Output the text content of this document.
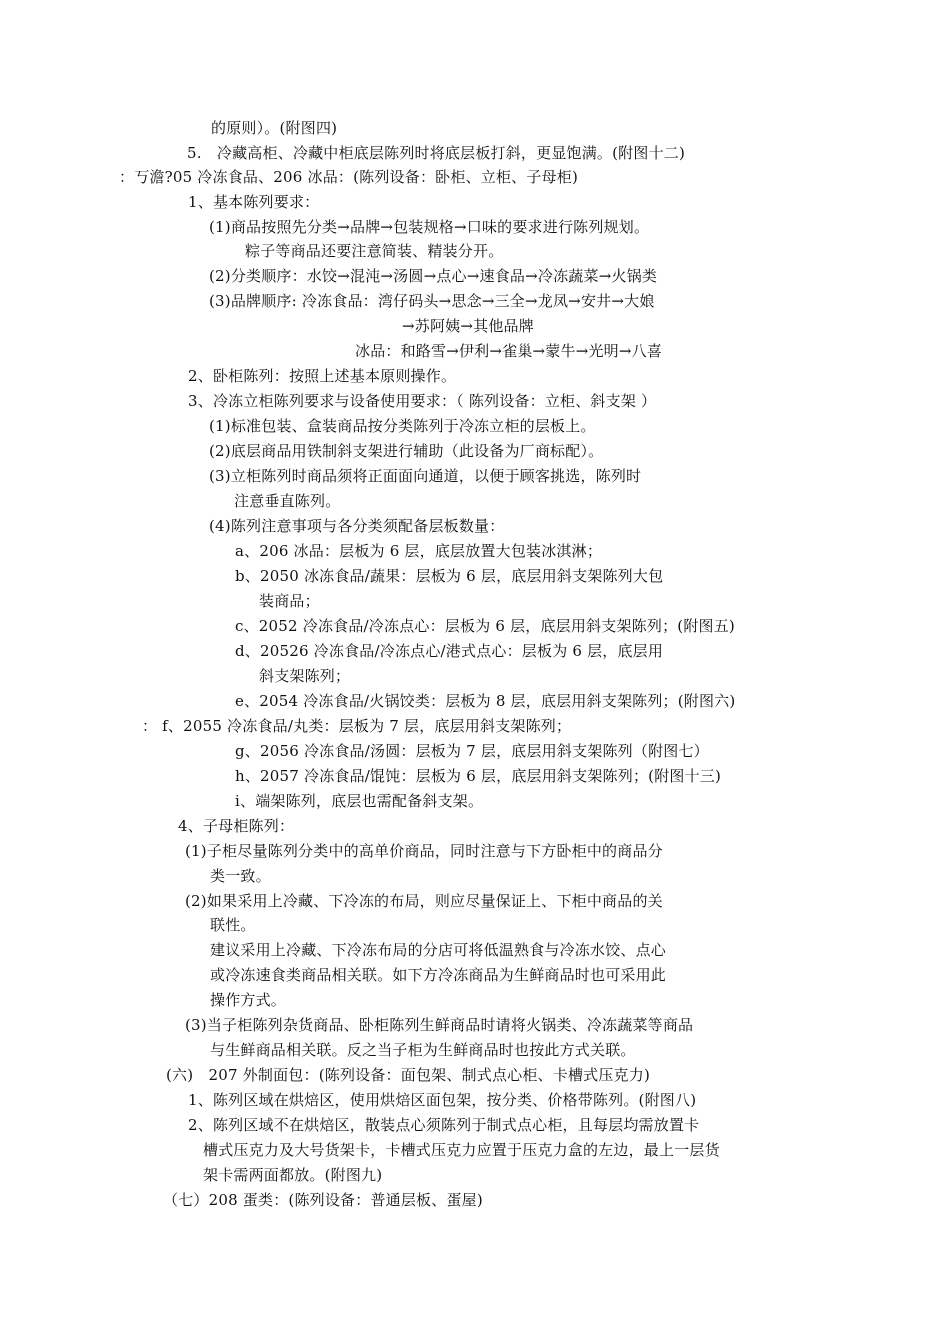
的原则）。(附图四)
5.　冷藏高柜、冷藏中柜底层陈列时将底层板打斜，更显饱满。(附图十二)
：丂澹?05 冷冻食品、206 冰品：(陈列设备：卧柜、立柜、子母柜)
1、基本陈列要求：
(1)商品按照先分类→品牌→包装规格→口味的要求进行陈列规划。
粽子等商品还要注意简装、精装分开。
(2)分类顺序：水饺→混沌→汤圆→点心→速食品→冷冻蔬菜→火锅类
(3)品牌顺序: 冷冻食品：湾仔码头→思念→三全→龙凤→安井→大娘
→苏阿姨→其他品牌
冰品：和路雪→伊利→雀巢→蒙牛→光明→八喜
2、卧柜陈列：按照上述基本原则操作。
3、冷冻立柜陈列要求与设备使用要求：（ 陈列设备：立柜、斜支架 ）
(1)标准包装、盒装商品按分类陈列于冷冻立柜的层板上。
(2)底层商品用铁制斜支架进行辅助（此设备为厂商标配）。
(3)立柜陈列时商品须将正面面向通道，以便于顾客挑选，陈列时
注意垂直陈列。
(4)陈列注意事项与各分类须配备层板数量：
a、206 冰品：层板为 6 层，底层放置大包装冰淇淋；
b、2050 冰冻食品/蔬果：层板为 6 层，底层用斜支架陈列大包
装商品；
c、2052 冷冻食品/冷冻点心：层板为 6 层，底层用斜支架陈列；(附图五)
d、20526 冷冻食品/冷冻点心/港式点心：层板为 6 层，底层用
斜支架陈列；
e、2054 冷冻食品/火锅饺类：层板为 8 层，底层用斜支架陈列；(附图六)
： f、2055 冷冻食品/丸类：层板为 7 层，底层用斜支架陈列；
g、2056 冷冻食品/汤圆：层板为 7 层，底层用斜支架陈列（附图七）
h、2057 冷冻食品/馄饨：层板为 6 层，底层用斜支架陈列；(附图十三)
i、端架陈列，底层也需配备斜支架。
4、子母柜陈列：
(1)子柜尽量陈列分类中的高单价商品，同时注意与下方卧柜中的商品分
类一致。
(2)如果采用上冷藏、下冷冻的布局，则应尽量保证上、下柜中商品的关
联性。
建议采用上冷藏、下冷冻布局的分店可将低温熟食与冷冻水饺、点心
或冷冻速食类商品相关联。如下方冷冻商品为生鲜商品时也可采用此
操作方式。
(3)当子柜陈列杂货商品、卧柜陈列生鲜商品时请将火锅类、冷冻蔬菜等商品
与生鲜商品相关联。反之当子柜为生鲜商品时也按此方式关联。
(六)　207 外制面包：(陈列设备：面包架、制式点心柜、卡槽式压克力)
1、陈列区域在烘焙区，使用烘焙区面包架，按分类、价格带陈列。(附图八)
2、陈列区域不在烘焙区，散装点心须陈列于制式点心柜，且每层均需放置卡
槽式压克力及大号货架卡，卡槽式压克力应置于压克力盒的左边，最上一层货
架卡需两面都放。(附图九)
（七）208 蛋类：(陈列设备：普通层板、蛋屋)
